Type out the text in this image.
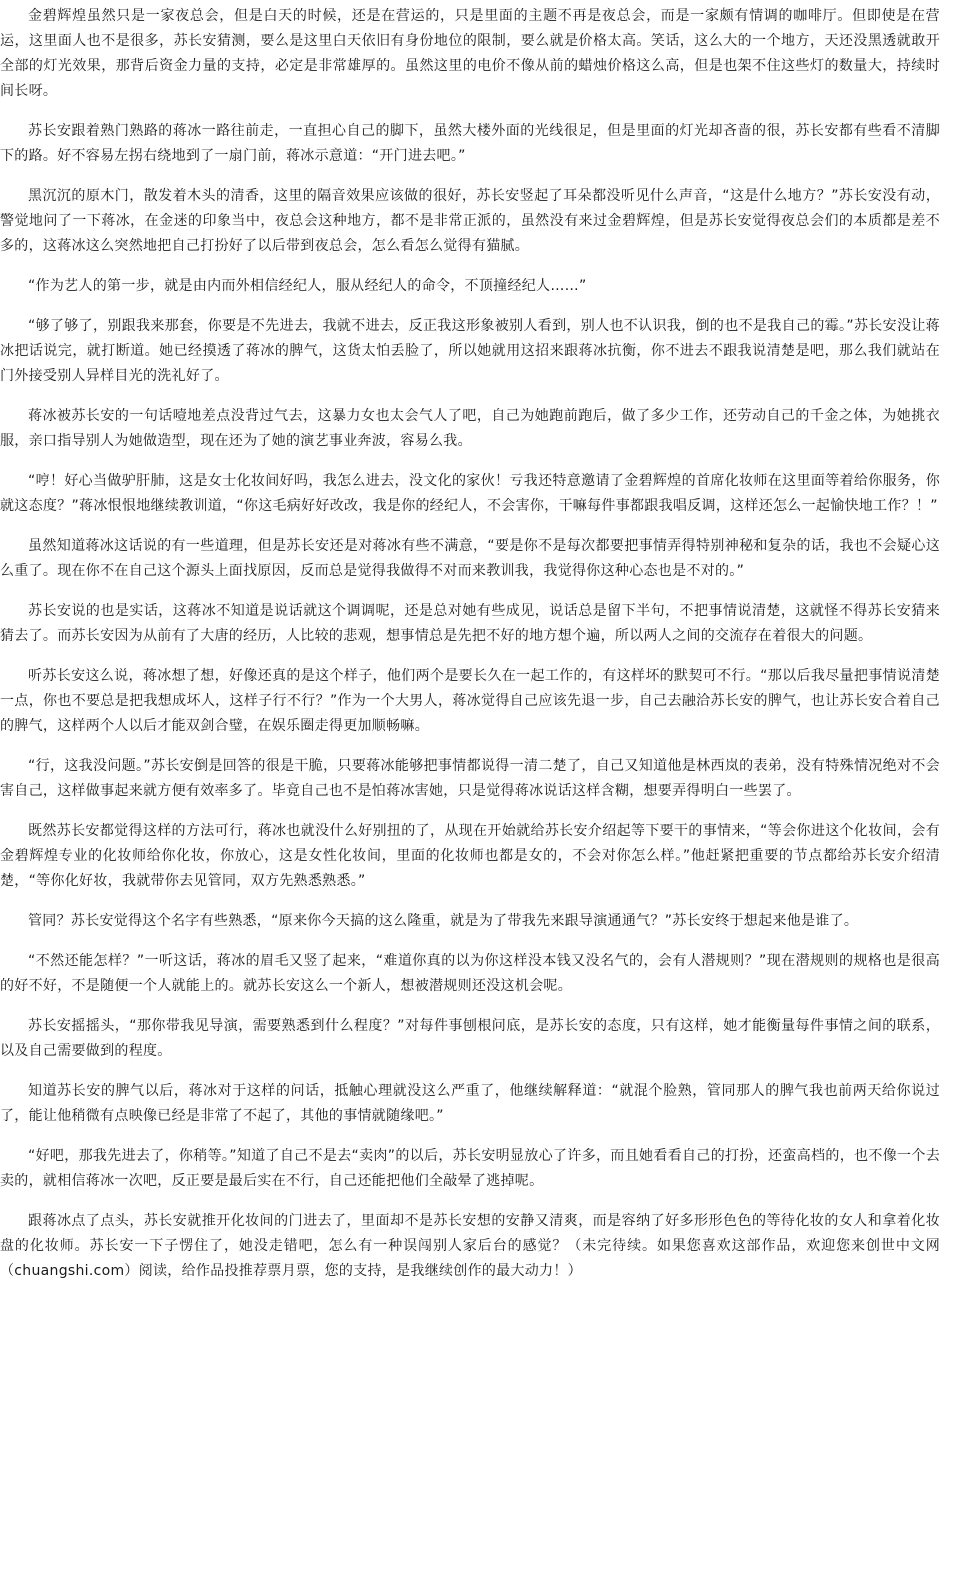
金碧辉煌虽然只是一家夜总会，但是白天的时候，还是在营运的，只是里面的主题不再是夜总会，而是一家颇有情调的咖啡厅。但即使是在营运，这里面人也不是很多，苏长安猜测，要么是这里白天依旧有身份地位的限制，要么就是价格太高。笑话，这么大的一个地方，天还没黑透就敢开全部的灯光效果，那背后资金力量的支持，必定是非常雄厚的。虽然这里的电价不像从前的蜡烛价格这么高，但是也架不住这些灯的数量大，持续时间长呀。

苏长安跟着熟门熟路的蒋冰一路往前走，一直担心自己的脚下，虽然大楼外面的光线很足，但是里面的灯光却吝啬的很，苏长安都有些看不清脚下的路。好不容易左拐右绕地到了一扇门前，蒋冰示意道：“开门进去吧。”

黑沉沉的原木门，散发着木头的清香，这里的隔音效果应该做的很好，苏长安竖起了耳朵都没听见什么声音，“这是什么地方？”苏长安没有动，警觉地问了一下蒋冰，在金迷的印象当中，夜总会这种地方，都不是非常正派的，虽然没有来过金碧辉煌，但是苏长安觉得夜总会们的本质都是差不多的，这蒋冰这么突然地把自己打扮好了以后带到夜总会，怎么看怎么觉得有猫腻。

“作为艺人的第一步，就是由内而外相信经纪人，服从经纪人的命令，不顶撞经纪人……”

“够了够了，别跟我来那套，你要是不先进去，我就不进去，反正我这形象被别人看到，别人也不认识我，倒的也不是我自己的霉。”苏长安没让蒋冰把话说完，就打断道。她已经摸透了蒋冰的脾气，这货太怕丢脸了，所以她就用这招来跟蒋冰抗衡，你不进去不跟我说清楚是吧，那么我们就站在门外接受别人异样目光的洗礼好了。

蒋冰被苏长安的一句话噎地差点没背过气去，这暴力女也太会气人了吧，自己为她跑前跑后，做了多少工作，还劳动自己的千金之体，为她挑衣服，亲口指导别人为她做造型，现在还为了她的演艺事业奔波，容易么我。

“哼！好心当做驴肝肺，这是女士化妆间好吗，我怎么进去，没文化的家伙！亏我还特意邀请了金碧辉煌的首席化妆师在这里面等着给你服务，你就这态度？”蒋冰恨恨地继续教训道，“你这毛病好好改改，我是你的经纪人，不会害你，干嘛每件事都跟我唱反调，这样还怎么一起愉快地工作？！”

虽然知道蒋冰这话说的有一些道理，但是苏长安还是对蒋冰有些不满意，“要是你不是每次都要把事情弄得特别神秘和复杂的话，我也不会疑心这么重了。现在你不在自己这个源头上面找原因，反而总是觉得我做得不对而来教训我，我觉得你这种心态也是不对的。”

苏长安说的也是实话，这蒋冰不知道是说话就这个调调呢，还是总对她有些成见，说话总是留下半句，不把事情说清楚，这就怪不得苏长安猜来猜去了。而苏长安因为从前有了大唐的经历，人比较的悲观，想事情总是先把不好的地方想个遍，所以两人之间的交流存在着很大的问题。

听苏长安这么说，蒋冰想了想，好像还真的是这个样子，他们两个是要长久在一起工作的，有这样坏的默契可不行。“那以后我尽量把事情说清楚一点，你也不要总是把我想成坏人，这样子行不行？”作为一个大男人，蒋冰觉得自己应该先退一步，自己去融洽苏长安的脾气，也让苏长安合着自己的脾气，这样两个人以后才能双剑合璧，在娱乐圈走得更加顺畅嘛。

“行，这我没问题。”苏长安倒是回答的很是干脆，只要蒋冰能够把事情都说得一清二楚了，自己又知道他是林西岚的表弟，没有特殊情况绝对不会害自己，这样做事起来就方便有效率多了。毕竟自己也不是怕蒋冰害她，只是觉得蒋冰说话这样含糊，想要弄得明白一些罢了。

既然苏长安都觉得这样的方法可行，蒋冰也就没什么好别扭的了，从现在开始就给苏长安介绍起等下要干的事情来，“等会你进这个化妆间，会有金碧辉煌专业的化妆师给你化妆，你放心，这是女性化妆间，里面的化妆师也都是女的，不会对你怎么样。”他赶紧把重要的节点都给苏长安介绍清楚，“等你化好妆，我就带你去见管同，双方先熟悉熟悉。”

管同？苏长安觉得这个名字有些熟悉，“原来你今天搞的这么隆重，就是为了带我先来跟导演通通气？”苏长安终于想起来他是谁了。

“不然还能怎样？”一听这话，蒋冰的眉毛又竖了起来，“难道你真的以为你这样没本钱又没名气的，会有人潜规则？”现在潜规则的规格也是很高的好不好，不是随便一个人就能上的。就苏长安这么一个新人，想被潜规则还没这机会呢。

苏长安摇摇头，“那你带我见导演，需要熟悉到什么程度？”对每件事刨根问底，是苏长安的态度，只有这样，她才能衡量每件事情之间的联系，以及自己需要做到的程度。

知道苏长安的脾气以后，蒋冰对于这样的问话，抵触心理就没这么严重了，他继续解释道：“就混个脸熟，管同那人的脾气我也前两天给你说过了，能让他稍微有点映像已经是非常了不起了，其他的事情就随缘吧。”

“好吧，那我先进去了，你稍等。”知道了自己不是去“卖肉”的以后，苏长安明显放心了许多，而且她看看自己的打扮，还蛮高档的，也不像一个去卖的，就相信蒋冰一次吧，反正要是最后实在不行，自己还能把他们全敲晕了逃掉呢。

跟蒋冰点了点头，苏长安就推开化妆间的门进去了，里面却不是苏长安想的安静又清爽，而是容纳了好多形形色色的等待化妆的女人和拿着化妆盘的化妆师。苏长安一下子愣住了，她没走错吧，怎么有一种误闯别人家后台的感觉？（未完待续。如果您喜欢这部作品，欢迎您来创世中文网（chuangshi.com）阅读，给作品投推荐票月票，您的支持，是我继续创作的最大动力！）
